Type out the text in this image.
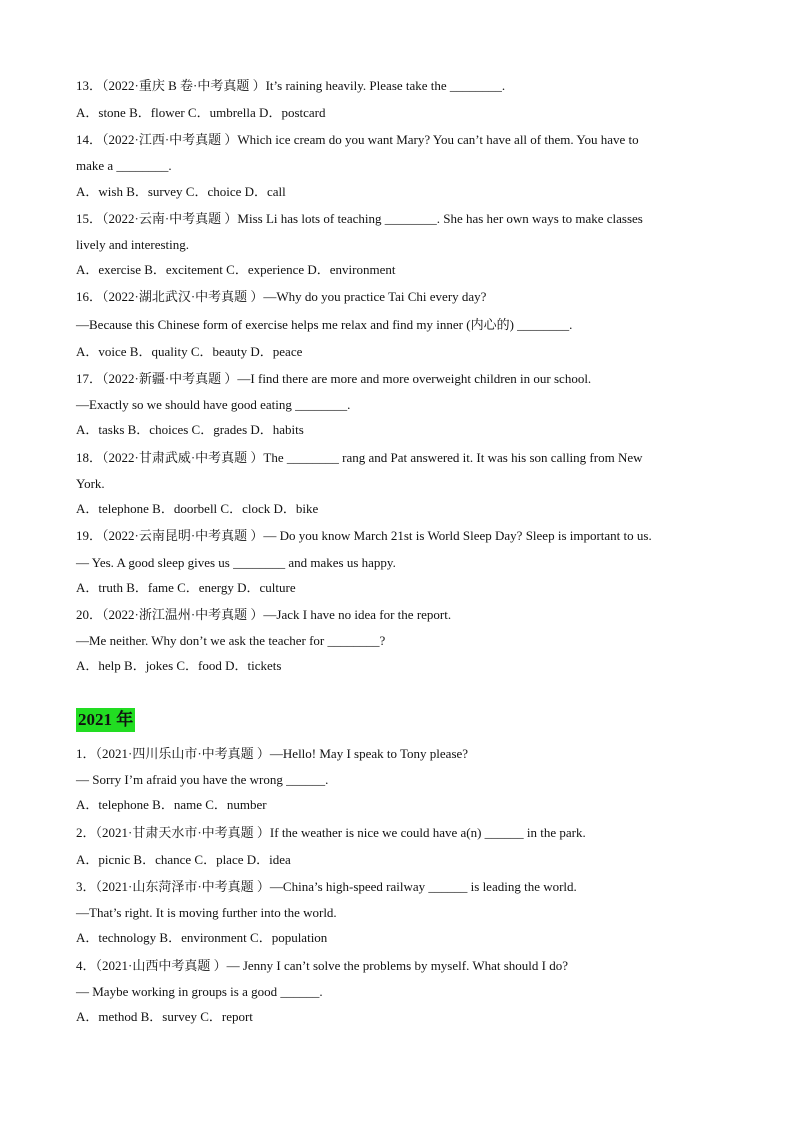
13．（2022·重庆 B 卷·中考真题 ）It’s raining heavily. Please take the ________.
A．stone B．flower C．umbrella D．postcard
14．（2022·江西·中考真题 ）Which ice cream do you want Mary? You can’t have all of them. You have to
make a ________.
A．wish B．survey C．choice D．call
15．（2022·云南·中考真题 ）Miss Li has lots of teaching ________. She has her own ways to make classes
lively and interesting.
A．exercise B．excitement C．experience D．environment
16．（2022·湖北武汉·中考真题 ）—Why do you practice Tai Chi every day?
—Because this Chinese form of exercise helps me relax and find my inner (内心的) ________.
A．voice B．quality C．beauty D．peace
17．（2022·新疆·中考真题 ）—I find there are more and more overweight children in our school.
—Exactly so we should have good eating ________.
A．tasks B．choices C．grades D．habits
18．（2022·甘肃武威·中考真题 ）The ________ rang and Pat answered it. It was his son calling from New
York.
A．telephone B．doorbell C．clock D．bike
19．（2022·云南昆明·中考真题 ）— Do you know March 21st is World Sleep Day? Sleep is important to us.
— Yes. A good sleep gives us ________ and makes us happy.
A．truth B．fame C．energy D．culture
20．（2022·浙江温州·中考真题 ）—Jack I have no idea for the report.
—Me neither. Why don’t we ask the teacher for ________?
A．help B．jokes C．food D．tickets
2021 年
1．（2021·四川乐山市·中考真题 ）—Hello! May I speak to Tony please?
— Sorry I’m afraid you have the wrong ______.
A．telephone B．name C．number
2．（2021·甘肃天水市·中考真题 ）If the weather is nice we could have a(n) ______ in the park.
A．picnic B．chance C．place D．idea
3．（2021·山东菏泽市·中考真题 ）—China’s high-speed railway ______ is leading the world.
—That’s right. It is moving further into the world.
A．technology B．environment C．population
4．（2021·山西中考真题 ）— Jenny I can’t solve the problems by myself. What should I do?
— Maybe working in groups is a good ______.
A．method B．survey C．report
